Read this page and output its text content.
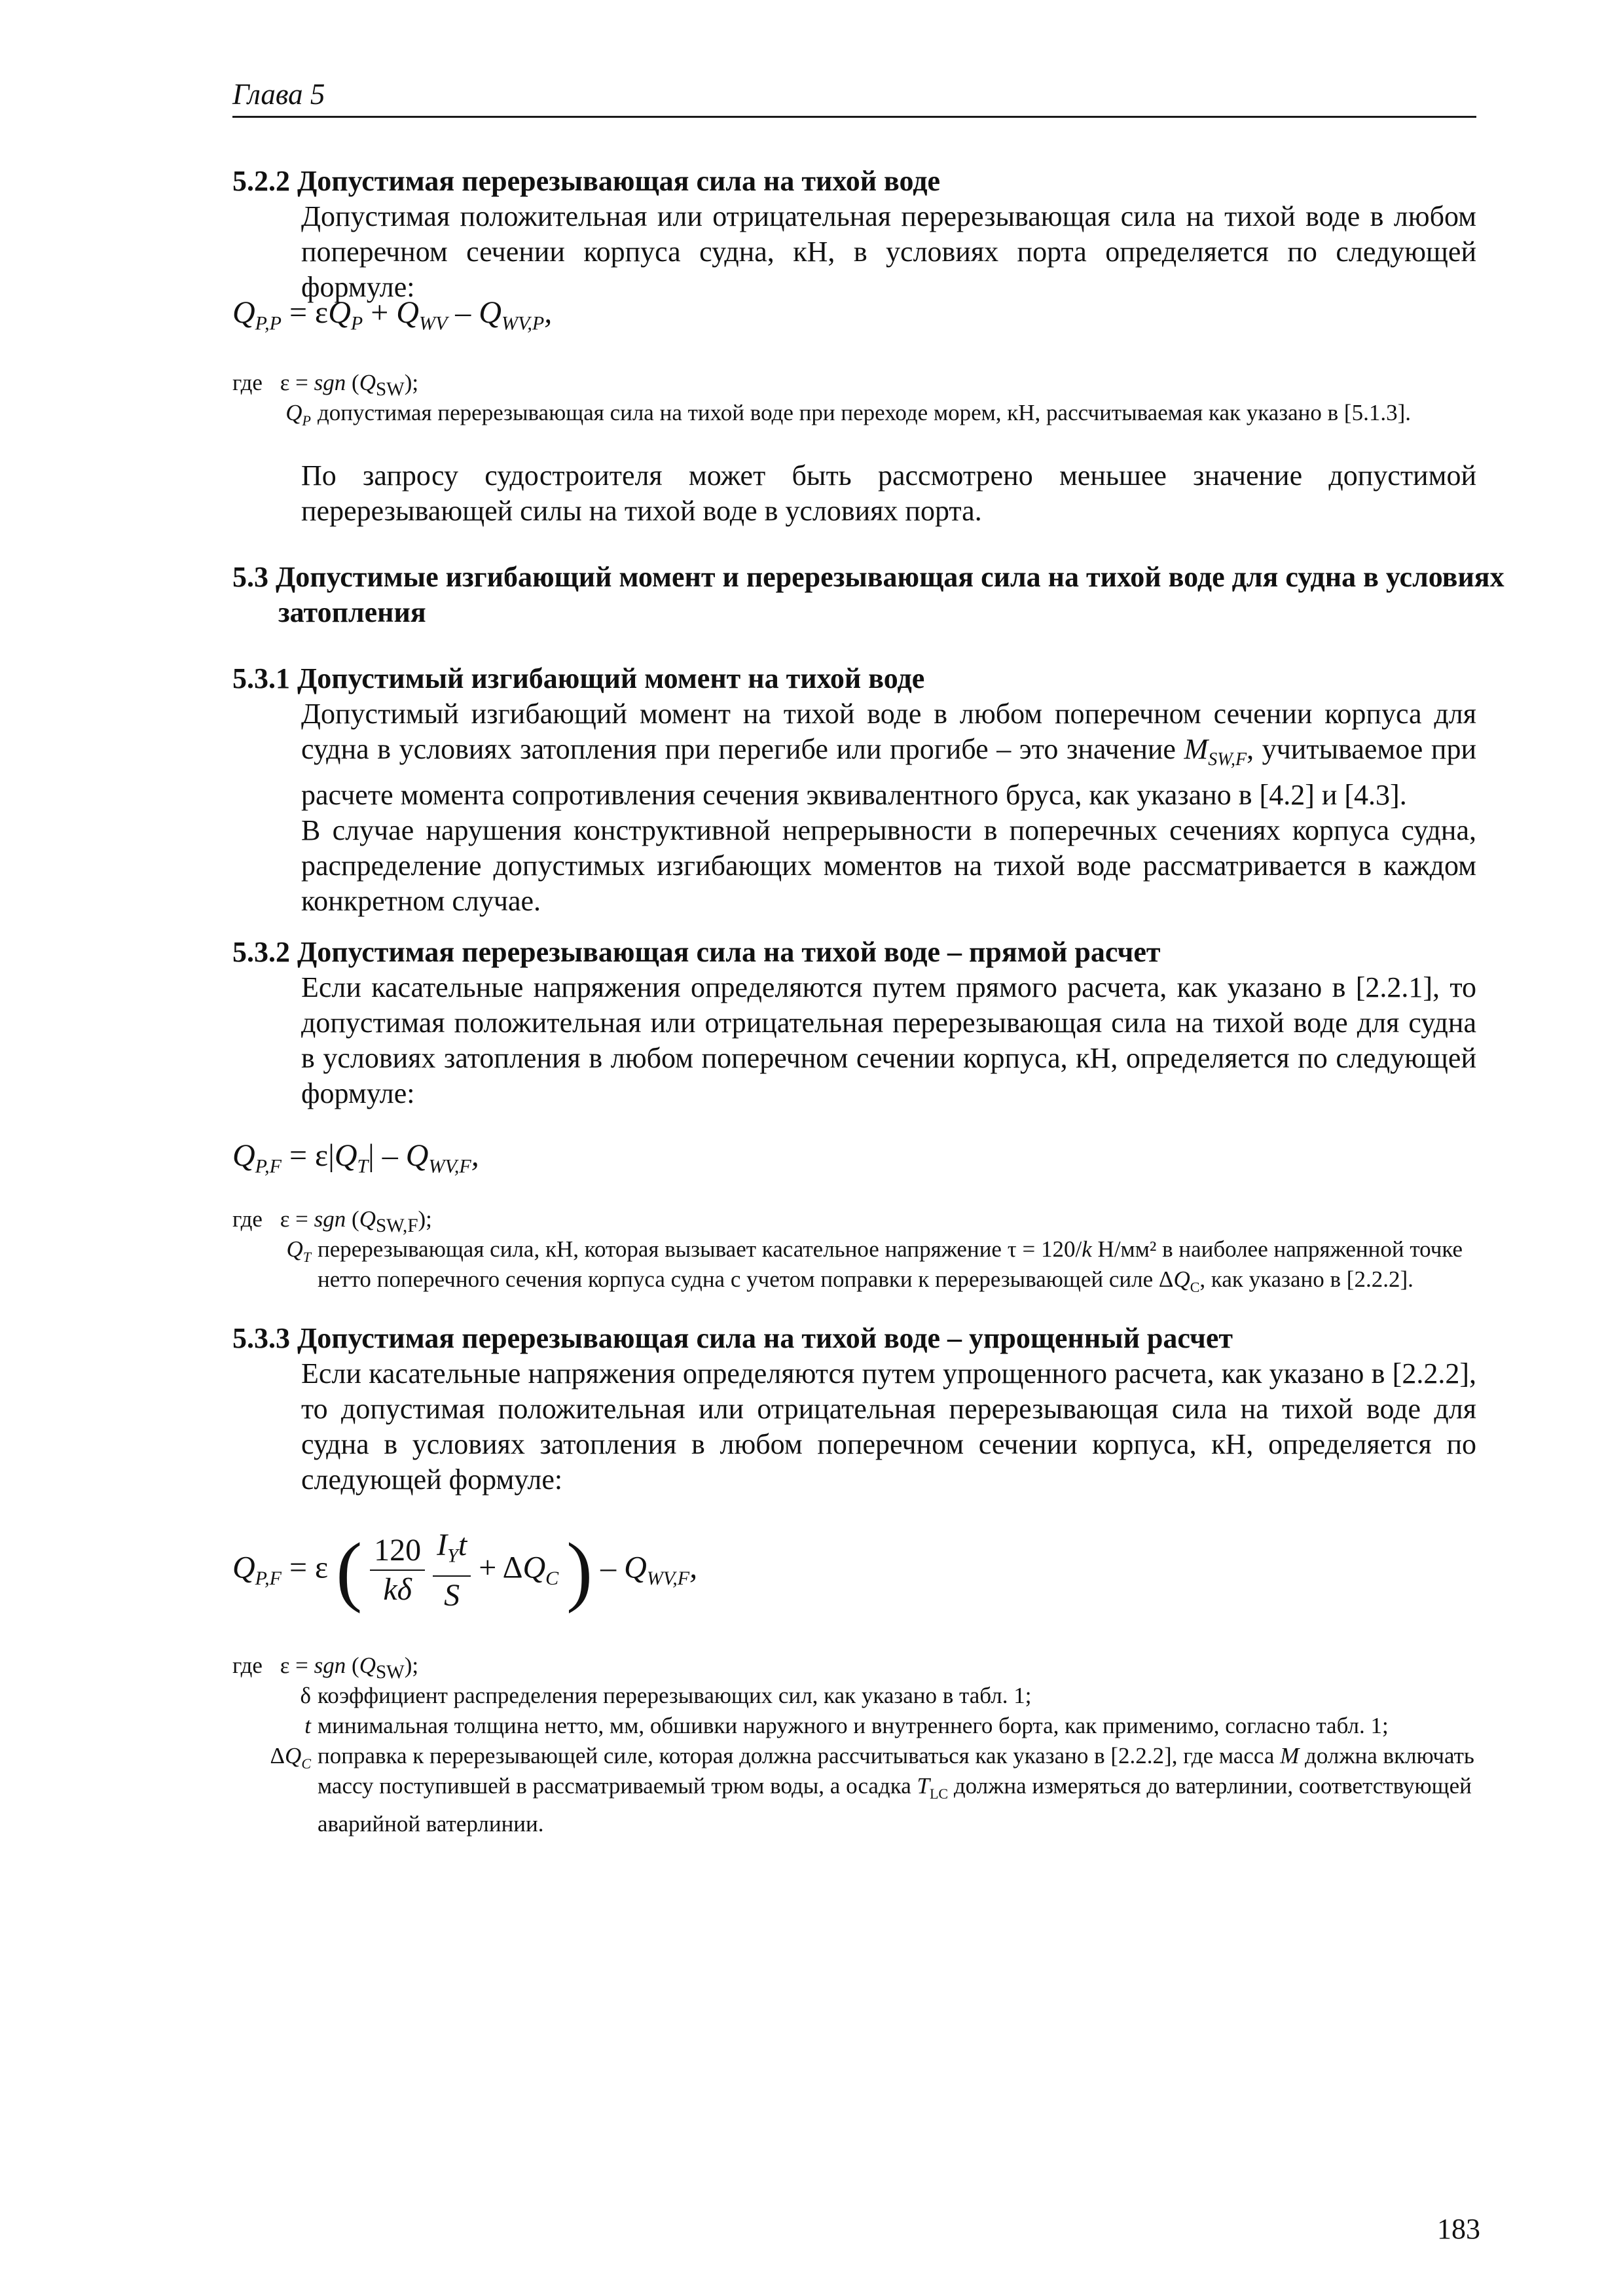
Глава 5
5.2.2 Допустимая перерезывающая сила на тихой воде

Допустимая положительная или отрицательная перерезывающая сила на тихой воде в любом поперечном сечении корпуса судна, кН, в условиях порта определяется по следующей формуле:

$Q_{P,P} = \varepsilon Q_P + Q_{WV} - Q_{WV,P}$,
где ε = sgn $(Q_{SW})$;
$Q_P$ допустимая перерезывающая сила на тихой воде при переходе морем, кН, рассчитываемая как указано в [5.1.3].

По запросу судостроителя может быть рассмотрено меньшее значение допустимой перерезывающей силы на тихой воде в условиях порта.

5.3 Допустимые изгибающий момент и перерезывающая сила на тихой воде для судна в условиях затопления
5.3.1 Допустимый изгибающий момент на тихой воде

Допустимый изгибающий момент на тихой воде в любом поперечном сечении корпуса для судна в условиях затопления при перегибе или прогибе – это значение $M_{SW,F}$, учитываемое при расчете момента сопротивления сечения эквивалентного бруса, как указано в [4.2] и [4.3].

В случае нарушения конструктивной непрерывности в поперечных сечениях корпуса судна, распределение допустимых изгибающих моментов на тихой воде рассматривается в каждом конкретном случае.

5.3.2 Допустимая перерезывающая сила на тихой воде – прямой расчет

Если касательные напряжения определяются путем прямого расчета, как указано в [2.2.1], то допустимая положительная или отрицательная перерезывающая сила на тихой воде для судна в условиях затопления в любом поперечном сечении корпуса, кН, определяется по следующей формуле:

$Q_{P,F} = \varepsilon|Q_T| - Q_{WV,F}$,
где ε = sgn $(Q_{SW,F})$;
$Q_T$ перерезывающая сила, кН, которая вызывает касательное напряжение τ = 120/k Н/мм² в наиболее напряженной точке нетто поперечного сечения корпуса судна с учетом поправки к перерезывающей силе $\Delta Q_C$, как указано в [2.2.2].
5.3.3 Допустимая перерезывающая сила на тихой воде – упрощенный расчет

Если касательные напряжения определяются путем упрощенного расчета, как указано в [2.2.2], то допустимая положительная или отрицательная перерезывающая сила на тихой воде для судна в условиях затопления в любом поперечном сечении корпуса, кН, определяется по следующей формуле:

$Q_{P,F} = \varepsilon$ ( $\frac{120}{k\delta}$
$\frac{I_Yt}{S} + \Delta Q_C$ ) – $Q_{WV,F}$,
где ε = sgn $(Q_{SW})$;
δ коэффициент распределения перерезывающих сил, как указано в табл. 1;
t минимальная толщина нетто, мм, обшивки наружного и внутреннего борта, как применимо, согласно табл. 1;
$\Delta Q_C$ поправка к перерезывающей силе, которая должна рассчитываться как указано в [2.2.2], где масса M должна включать массу поступившей в рассматриваемый трюм воды, а осадка $T_{LC}$ должна измеряться до ватерлинии, соответствующей аварийной ватерлинии.
183
